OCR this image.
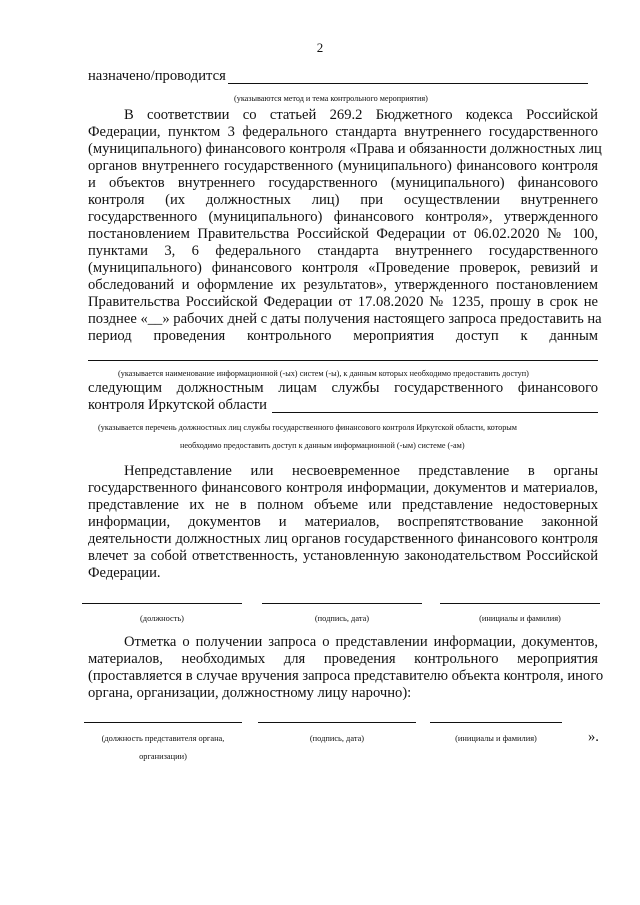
2
назначено/проводится
(указываются метод и тема контрольного мероприятия)
В соответствии со статьей 269.2 Бюджетного кодекса Российской
Федерации, пунктом 3 федерального стандарта внутреннего государственного
(муниципального) финансового контроля «Права и обязанности должностных лиц
органов внутреннего государственного (муниципального) финансового контроля
и объектов внутреннего государственного (муниципального) финансового
контроля (их должностных лиц) при осуществлении внутреннего
государственного (муниципального) финансового контроля», утвержденного
постановлением Правительства Российской Федерации от 06.02.2020 № 100,
пунктами 3, 6 федерального стандарта внутреннего государственного
(муниципального) финансового контроля «Проведение проверок, ревизий и
обследований и оформление их результатов», утвержденного постановлением
Правительства Российской Федерации от 17.08.2020 № 1235, прошу в срок не
позднее «__» рабочих дней с даты получения настоящего запроса предоставить на
период проведения контрольного мероприятия доступ к данным
(указывается наименование информационной (-ых) систем (-ы), к данным которых необходимо предоставить доступ)
следующим должностным лицам службы государственного финансового
контроля Иркутской области
(указывается перечень должностных лиц службы государственного финансового контроля Иркутской области, которым
необходимо предоставить доступ к данным информационной (-ым) системе (-ам)
Непредставление или несвоевременное представление в органы
государственного финансового контроля информации, документов и материалов,
представление их не в полном объеме или представление недостоверных
информации, документов и материалов, воспрепятствование законной
деятельности должностных лиц органов государственного финансового контроля
влечет за собой ответственность, установленную законодательством Российской
Федерации.
(должность)	(подпись, дата)	(инициалы и фамилия)
Отметка о получении запроса о представлении информации, документов,
материалов, необходимых для проведения контрольного мероприятия
(проставляется в случае вручения запроса представителю объекта контроля, иного
органа, организации, должностному лицу нарочно):
».
(должность представителя органа,	(подпись, дата)	(инициалы и фамилия)
организации)
